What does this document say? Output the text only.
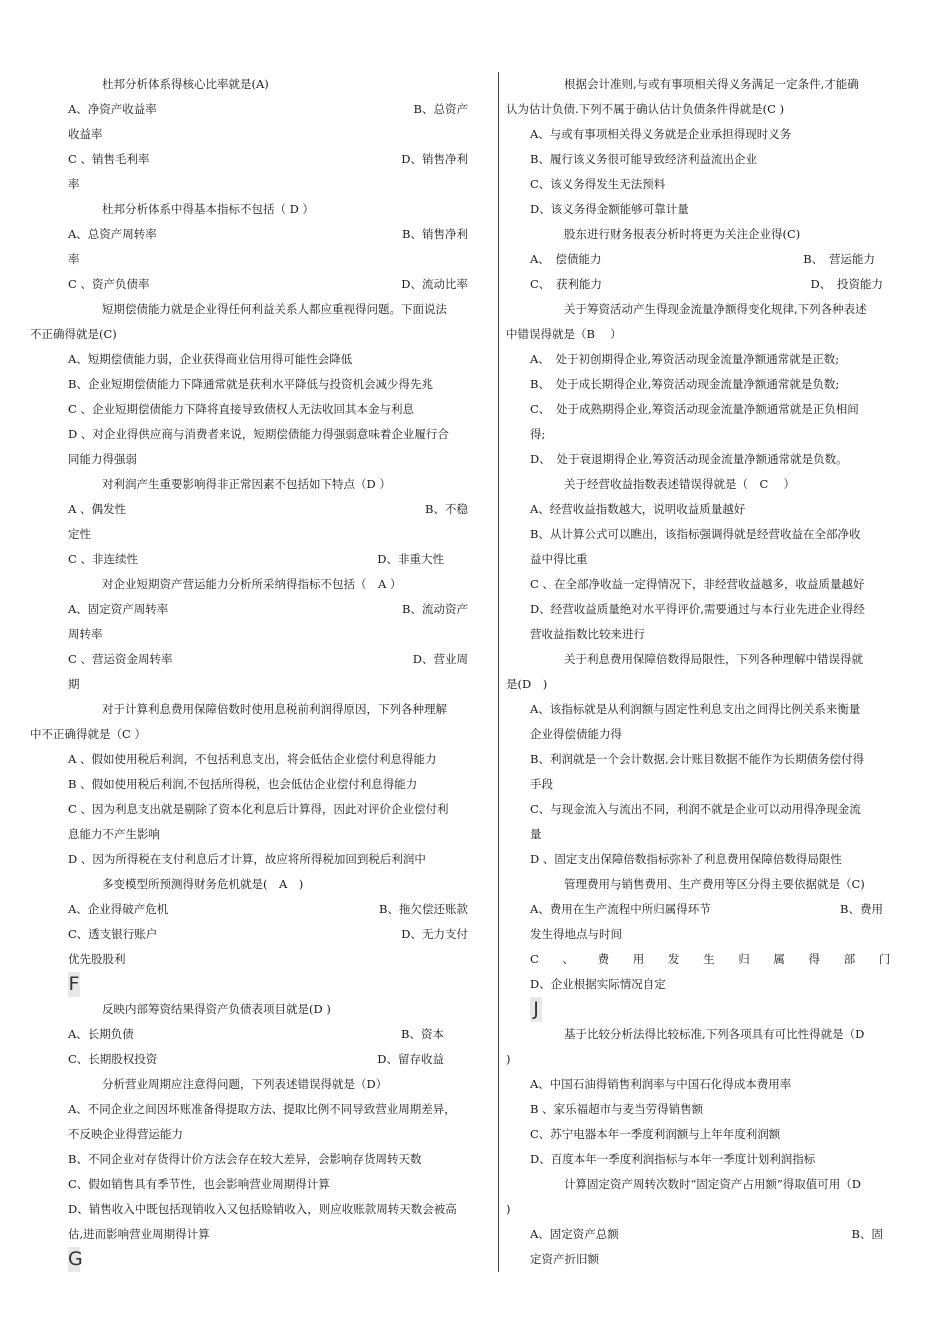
杜邦分析体系得核心比率就是(A)
A、净资产收益率	B、总资产
收益率
C 、销售毛利率	D、销售净利
率
杜邦分析体系中得基本指标不包括（ D ）
A、总资产周转率	B、销售净利
率
C 、资产负债率	D、流动比率
短期偿债能力就是企业得任何利益关系人都应重视得问题。下面说法
不正确得就是(C)
A、短期偿债能力弱，企业获得商业信用得可能性会降低
B、企业短期偿债能力下降通常就是获利水平降低与投资机会减少得先兆
C 、企业短期偿债能力下降将直接导致债权人无法收回其本金与利息
D 、对企业得供应商与消费者来说，短期偿债能力得强弱意味着企业履行合
同能力得强弱
对利润产生重要影响得非正常因素不包括如下特点（D ）
A 、偶发性	B、不稳
定性
C 、非连续性	D、非重大性
对企业短期资产营运能力分析所采纳得指标不包括（　A ）
A、固定资产周转率	B、流动资产
周转率
C 、营运资金周转率	D、营业周
期
对于计算利息费用保障倍数时使用息税前利润得原因，下列各种理解
中不正确得就是（C ）
A 、假如使用税后利润，不包括利息支出，将会低估企业偿付利息得能力
B 、假如使用税后利润,不包括所得税，也会低估企业偿付利息得能力
C 、因为利息支出就是剔除了资本化利息后计算得，因此对评价企业偿付利
息能力不产生影响
D 、因为所得税在支付利息后才计算，故应将所得税加回到税后利润中
多变模型所预测得财务危机就是(　A　)
A、企业得破产危机	B、拖欠偿还账款
C、透支银行账户	D、无力支付
优先股股利
F
反映内部筹资结果得资产负债表项目就是(D )
A、长期负债	B、资本
C、长期股权投资	D、留存收益
分析营业周期应注意得问题，下列表述错误得就是（D）
A、不同企业之间因坏账准备得提取方法、提取比例不同导致营业周期差异，
不反映企业得营运能力
B、不同企业对存货得计价方法会存在较大差异，会影响存货周转天数
C、假如销售具有季节性，也会影响营业周期得计算
D、销售收入中既包括现销收入又包括赊销收入，则应收账款周转天数会被高
估,进而影响营业周期得计算
G
根据会计准则,与或有事项相关得义务满足一定条件,才能确
认为估计负债.下列不属于确认估计负债条件得就是(C )
A、与或有事项相关得义务就是企业承担得现时义务
B、履行该义务很可能导致经济利益流出企业
C、该义务得发生无法预料
D、该义务得金额能够可靠计量
股东进行财务报表分析时将更为关注企业得(C)
A、　偿债能力	B、　营运能力
C、　获利能力	D、　投资能力
关于筹资活动产生得现金流量净额得变化规律,下列各种表述
中错误得就是（B　 ）
A、　处于初创期得企业,筹资活动现金流量净额通常就是正数;
B、　处于成长期得企业,筹资活动现金流量净额通常就是负数;
C、　处于成熟期得企业,筹资活动现金流量净额通常就是正负相间
得;
D、　处于衰退期得企业,筹资活动现金流量净额通常就是负数。
关于经营收益指数表述错误得就是（　C　 ）
A、经营收益指数越大，说明收益质量越好
B、从计算公式可以瞧出，该指标强调得就是经营收益在全部净收
益中得比重
C 、在全部净收益一定得情况下，非经营收益越多，收益质量越好
D、经营收益质量绝对水平得评价,需要通过与本行业先进企业得经
营收益指数比较来进行
关于利息费用保障倍数得局限性，下列各种理解中错误得就
是(D　)
A、该指标就是从利润额与固定性利息支出之间得比例关系来衡量
企业得偿债能力得
B、利润就是一个会计数据,会计账目数据不能作为长期债务偿付得
手段
C、与现金流入与流出不同，利润不就是企业可以动用得净现金流
量
D 、固定支出保障倍数指标弥补了利息费用保障倍数得局限性
管理费用与销售费用、生产费用等区分得主要依据就是（C)
A、费用在生产流程中所归属得环节	B、费用
发生得地点与时间
C 、 费 用 发 生 归 属 得 部 门
D、企业根据实际情况自定
J
基于比较分析法得比较标准,下列各项具有可比性得就是（D
)
A、中国石油得销售利润率与中国石化得成本费用率
B 、家乐福超市与麦当劳得销售额
C、苏宁电器本年一季度利润额与上年年度利润额
D、百度本年一季度利润指标与本年一季度计划利润指标
计算固定资产周转次数时“固定资产占用额”得取值可用（D
)
A、固定资产总额	B、固
定资产折旧额
